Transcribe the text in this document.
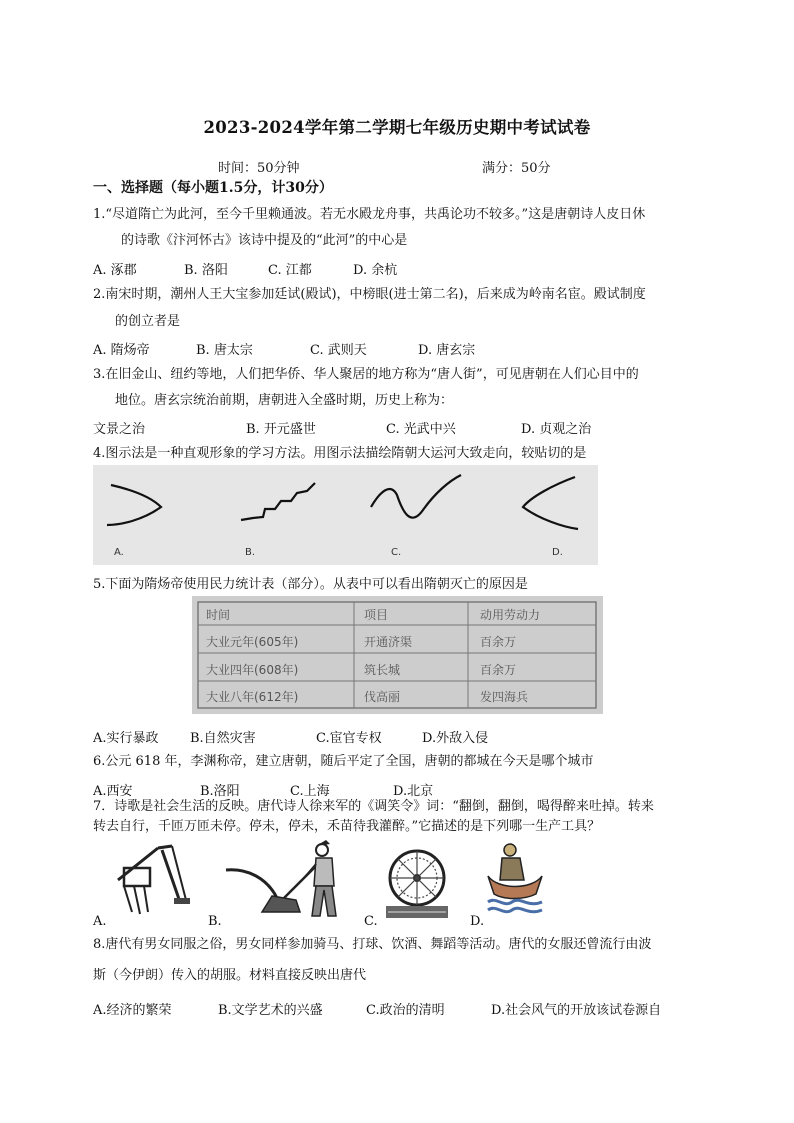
2023-2024学年第二学期七年级历史期中考试试卷
时间：50分钟	满分：50分
一、选择题（每小题1.5分，计30分）
1.“尽道隋亡为此河，至今千里赖通波。若无水殿龙舟事，共禹论功不较多。”这是唐朝诗人皮日休
的诗歌《汴河怀古》该诗中提及的“此河”的中心是
A. 涿郡	B. 洛阳	C. 江都	D. 余杭
2.南宋时期，潮州人王大宝参加廷试(殿试)，中榜眼(进士第二名)，后来成为岭南名宦。殿试制度
的创立者是
A. 隋炀帝	B. 唐太宗	C. 武则天	D. 唐玄宗
3.在旧金山、纽约等地，人们把华侨、华人聚居的地方称为“唐人街”，可见唐朝在人们心目中的
地位。唐玄宗统治前期，唐朝进入全盛时期，历史上称为：
文景之治	B. 开元盛世	C. 光武中兴	D. 贞观之治
4.图示法是一种直观形象的学习方法。用图示法描绘隋朝大运河大致走向，较贴切的是
A.	B.	C.	D.
5.下面为隋炀帝使用民力统计表（部分）。从表中可以看出隋朝灭亡的原因是
时间	项目	动用劳动力
大业元年(605年)	开通济渠	百余万
大业四年(608年)	筑长城	百余万
大业八年(612年)	伐高丽	发四海兵
A.实行暴政 B.自然灾害	C.宦官专权	D.外敌入侵
6.公元 618 年，李渊称帝，建立唐朝，随后平定了全国，唐朝的都城在今天是哪个城市
A.西安	B.洛阳	C.上海	D.北京
7．诗歌是社会生活的反映。唐代诗人徐来军的《调笑令》词：“翻倒，翻倒，喝得醉来吐掉。转来
转去自行，千匝万匝未停。停未，停未，禾苗待我灌醉。”它描述的是下列哪一生产工具？
A.	B.	C.	D.
8.唐代有男女同服之俗，男女同样参加骑马、打球、饮酒、舞蹈等活动。唐代的女服还曾流行由波
斯（今伊朗）传入的胡服。材料直接反映出唐代
A.经济的繁荣	B.文学艺术的兴盛	C.政治的清明	D.社会风气的开放该试卷源自
